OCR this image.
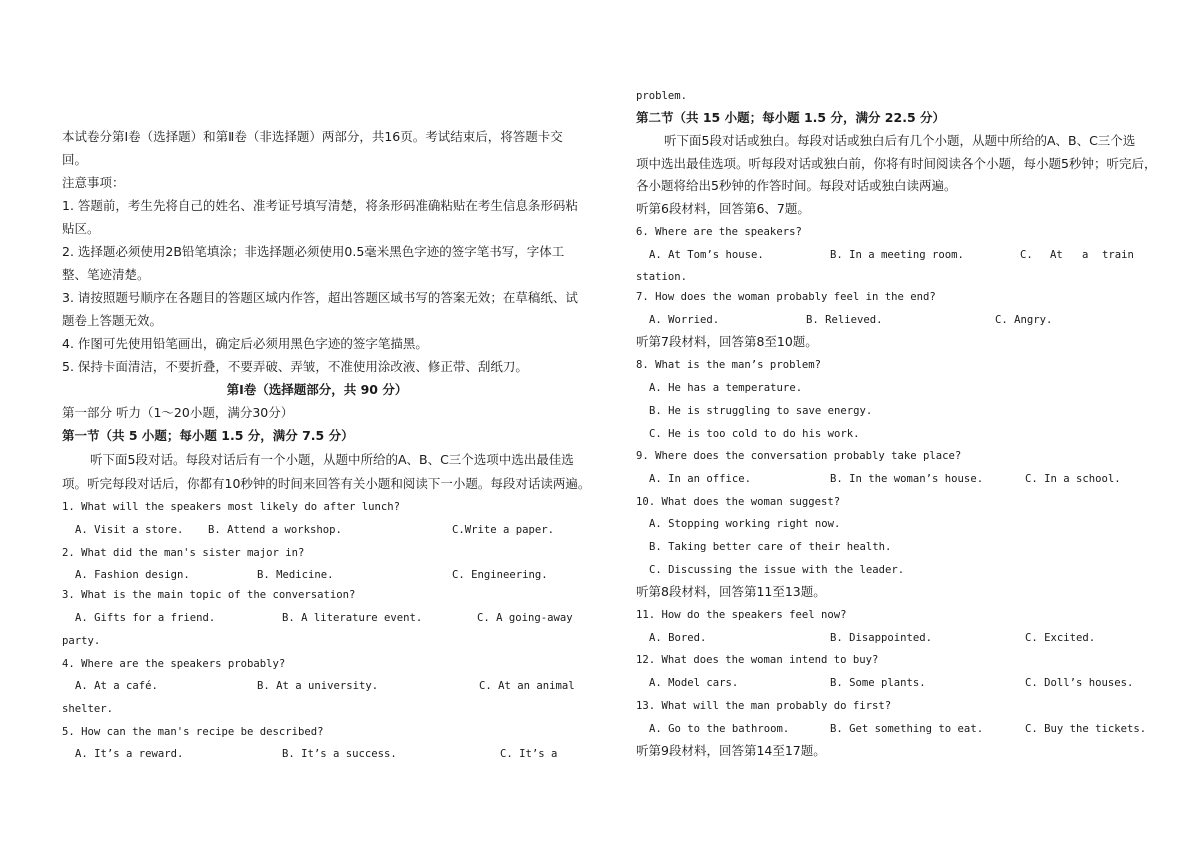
本试卷分第Ⅰ卷（选择题）和第Ⅱ卷（非选择题）两部分，共16页。考试结束后，将答题卡交
回。
注意事项：
1. 答题前，考生先将自己的姓名、准考证号填写清楚，将条形码准确粘贴在考生信息条形码粘
贴区。
2. 选择题必须使用2B铅笔填涂；非选择题必须使用0.5毫米黑色字迹的签字笔书写，字体工
整、笔迹清楚。
3. 请按照题号顺序在各题目的答题区域内作答，超出答题区域书写的答案无效；在草稿纸、试
题卷上答题无效。
4. 作图可先使用铅笔画出，确定后必须用黑色字迹的签字笔描黑。
5. 保持卡面清洁，不要折叠，不要弄破、弄皱，不准使用涂改液、修正带、刮纸刀。
第Ⅰ卷（选择题部分，共 90 分）
第一部分 听力（1～20小题，满分30分）
第一节（共 5 小题；每小题 1.5 分，满分 7.5 分）
听下面5段对话。每段对话后有一个小题，从题中所给的A、B、C三个选项中选出最佳选
项。听完每段对话后，你都有10秒钟的时间来回答有关小题和阅读下一小题。每段对话读两遍。
1. What will the speakers most likely do after lunch?
A. Visit a store. B. Attend a workshop.	C.Write a paper.
2. What did the man's sister major in?
A. Fashion design.	B. Medicine.	C. Engineering.
3. What is the main topic of the conversation?
A. Gifts for a friend.	B. A literature event.	C. A going-away
party.
4. Where are the speakers probably?
A. At a café.	B. At a university.	C. At an animal
shelter.
5. How can the man's recipe be described?
A. It’s a reward.	B. It’s a success.	C. It’s a
problem.
第二节（共 15 小题；每小题 1.5 分，满分 22.5 分）
听下面5段对话或独白。每段对话或独白后有几个小题，从题中所给的A、B、C三个选
项中选出最佳选项。听每段对话或独白前，你将有时间阅读各个小题，每小题5秒钟；听完后，
各小题将给出5秒钟的作答时间。每段对话或独白读两遍。
听第6段材料，回答第6、7题。
6. Where are the speakers?
A. At Tom’s house.	B. In a meeting room.	C. At a train
station.
7. How does the woman probably feel in the end?
A. Worried.	B. Relieved.	C. Angry.
听第7段材料，回答第8至10题。
8. What is the man’s problem?
A. He has a temperature.
B. He is struggling to save energy.
C. He is too cold to do his work.
9. Where does the conversation probably take place?
A. In an office.	B. In the woman’s house.	C. In a school.
10. What does the woman suggest?
A. Stopping working right now.
B. Taking better care of their health.
C. Discussing the issue with the leader.
听第8段材料，回答第11至13题。
11. How do the speakers feel now?
A. Bored.	B. Disappointed.	C. Excited.
12. What does the woman intend to buy?
A. Model cars.	B. Some plants.	C. Doll’s houses.
13. What will the man probably do first?
A. Go to the bathroom.	B. Get something to eat.	C. Buy the tickets.
听第9段材料，回答第14至17题。
